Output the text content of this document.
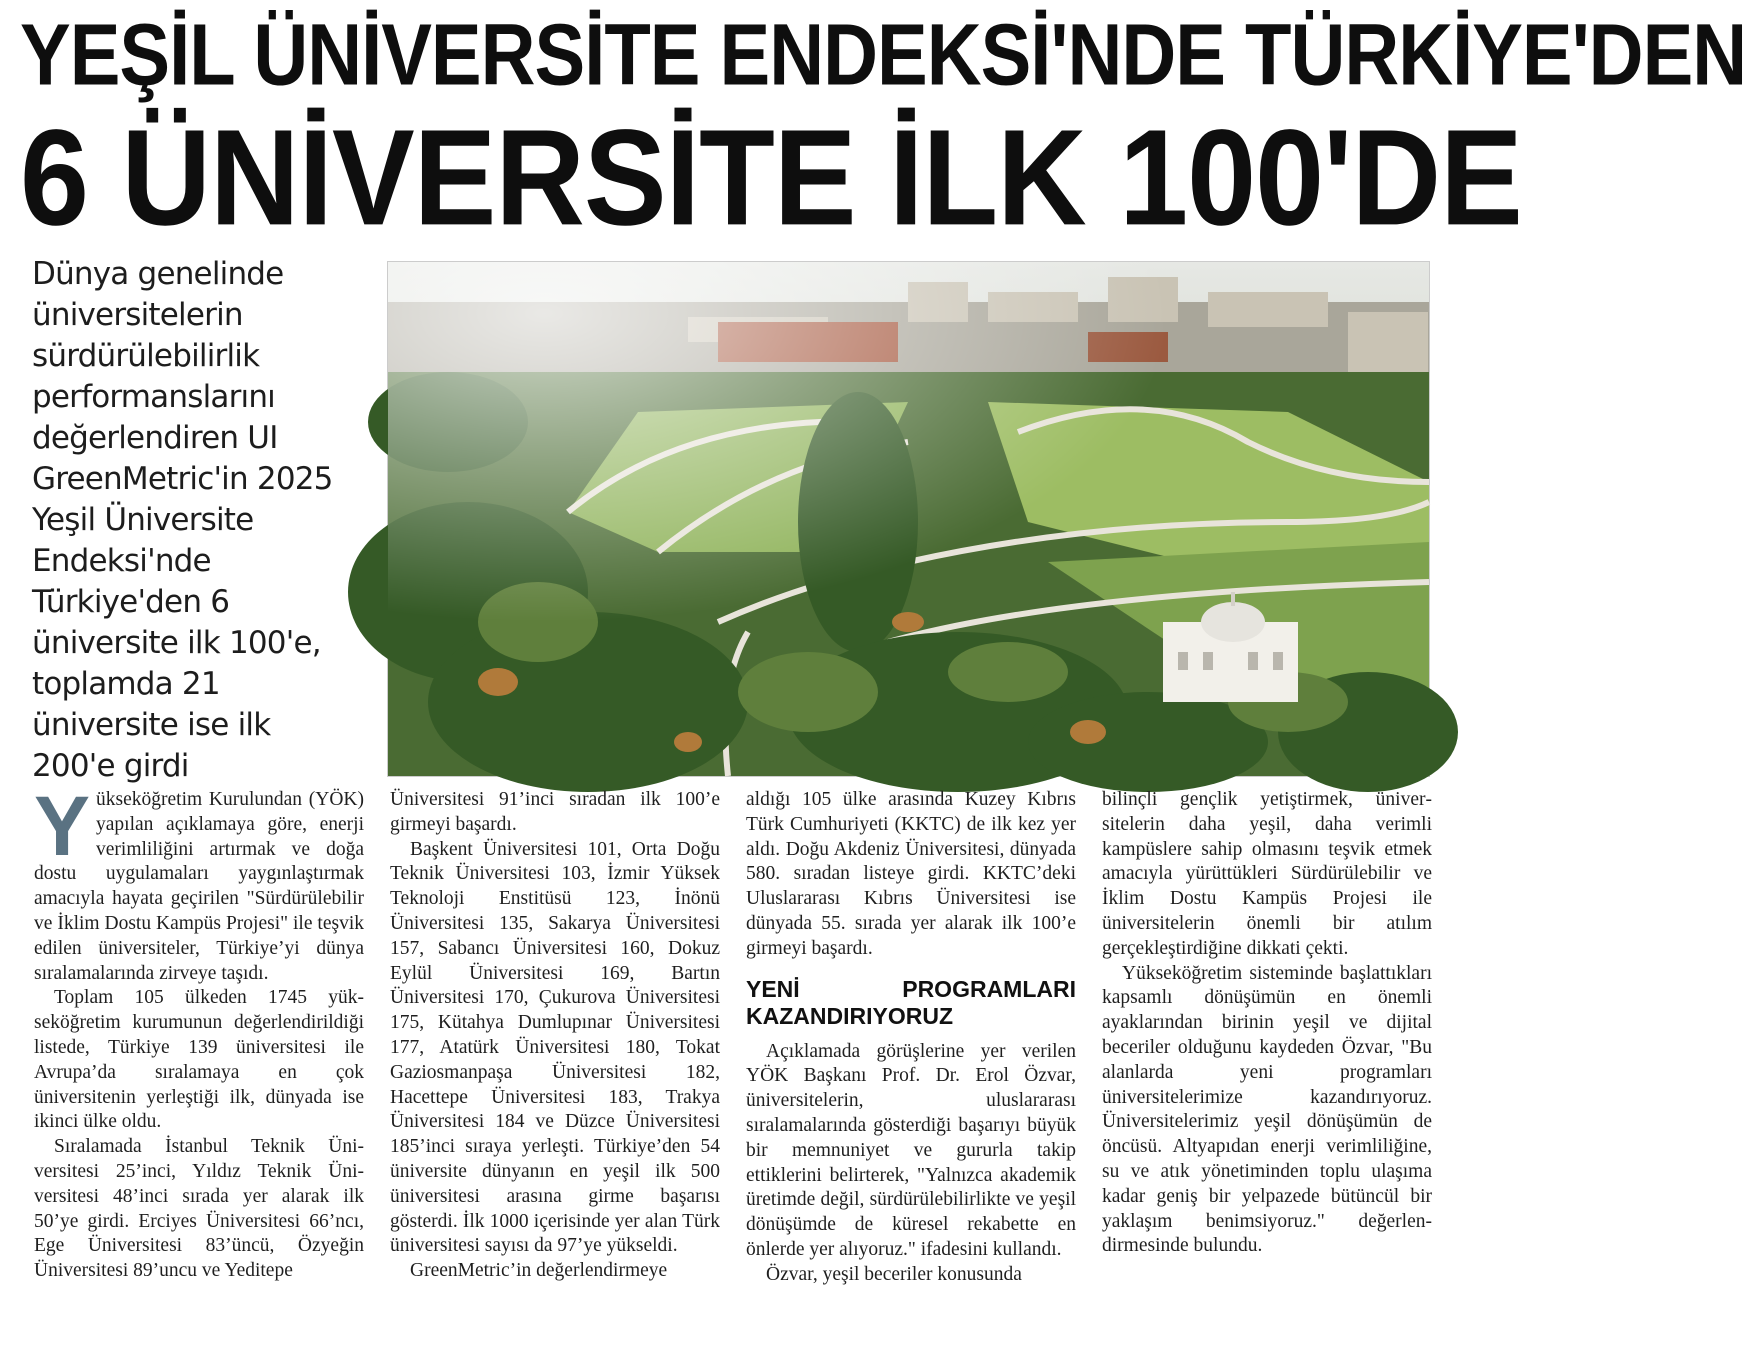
YEŞİL ÜNİVERSİTE ENDEKSİ'NDE TÜRKİYE'DEN
6 ÜNİVERSİTE İLK 100'DE
Dünya genelinde
üniversitelerin
sürdürülebilirlik
performanslarını
değerlendiren UI
GreenMetric'in 2025
Yeşil Üniversite
Endeksi'nde
Türkiye'den 6
üniversite ilk 100'e,
toplamda 21
üniversite ise ilk
200'e girdi

Yükseköğretim Kurulundan (YÖK) yapılan açıklamaya göre, enerji verimliliğini artırmak ve doğa dostu uygulamaları yaygınlaştırmak amacıyla hayata geçirilen "Sürdürülebilir ve İklim Dostu Kampüs Projesi" ile teşvik edilen üniversiteler, Türkiye’yi dünya sıralamalarında zirveye taşıdı.

Toplam 105 ülkeden 1745 yükseköğretim kurumunun değerlendirildiği listede, Türkiye 139 üniversitesi ile Avrupa’da sıralamaya en çok üniversitenin yerleştiği ilk, dünyada ise ikinci ülke oldu.

Sıralamada İstanbul Teknik Üniversitesi 25’inci, Yıldız Teknik Üniversitesi 48’inci sırada yer alarak ilk 50’ye girdi. Erciyes Üniversitesi 66’ncı, Ege Üniversitesi 83’üncü, Özyeğin Üniversitesi 89’uncu ve Yeditepe

Üniversitesi 91’inci sıradan ilk 100’e girmeyi başardı.

Başkent Üniversitesi 101, Orta Doğu Teknik Üniversitesi 103, İzmir Yüksek Teknoloji Enstitüsü 123, İnönü Üniversitesi 135, Sakarya Üniversitesi 157, Sabancı Üniversitesi 160, Dokuz Eylül Üniversitesi 169, Bartın Üniversitesi 170, Çukurova Üniversitesi 175, Kütahya Dumlupınar Üniversitesi 177, Atatürk Üniversitesi 180, Tokat Gaziosmanpaşa Üniversitesi 182, Hacettepe Üniversitesi 183, Trakya Üniversitesi 184 ve Düzce Üniversitesi 185’inci sıraya yerleşti. Türkiye’den 54 üniversite dünyanın en yeşil ilk 500 üniversitesi arasına girme başarısı gösterdi. İlk 1000 içerisinde yer alan Türk üniversitesi sayısı da 97’ye yükseldi.

GreenMetric’in değerlendirmeye

aldığı 105 ülke arasında Kuzey Kıbrıs Türk Cumhuriyeti (KKTC) de ilk kez yer aldı. Doğu Akdeniz Üniversitesi, dünyada 580. sıradan listeye girdi. KKTC’deki Uluslararası Kıbrıs Üniversitesi ise dünyada 55. sırada yer alarak ilk 100’e girmeyi başardı.

YENİ PROGRAMLARI KAZANDIRIYORUZ

Açıklamada görüşlerine yer verilen YÖK Başkanı Prof. Dr. Erol Özvar, üniversitelerin, uluslararası sıralamalarında gösterdiği başarıyı büyük bir memnuniyet ve gururla takip ettiklerini belirterek, "Yalnızca akademik üretimde değil, sürdürülebilirlikte ve yeşil dönüşümde de küresel rekabette en önlerde yer alıyoruz." ifadesini kullandı.

Özvar, yeşil beceriler konusunda

bilinçli gençlik yetiştirmek, üniversitelerin daha yeşil, daha verimli kampüslere sahip olmasını teşvik etmek amacıyla yürüttükleri Sürdürülebilir ve İklim Dostu Kampüs Projesi ile üniversitelerin önemli bir atılım gerçekleştirdiğine dikkati çekti.

Yükseköğretim sisteminde başlattıkları kapsamlı dönüşümün en önemli ayaklarından birinin yeşil ve dijital beceriler olduğunu kaydeden Özvar, "Bu alanlarda yeni programları üniversitelerimize kazandırıyoruz. Üniversitelerimiz yeşil dönüşümün de öncüsü. Altyapıdan enerji verimliliğine, su ve atık yönetiminden toplu ulaşıma kadar geniş bir yelpazede bütüncül bir yaklaşım benimsiyoruz." değerlendirmesinde bulundu.
